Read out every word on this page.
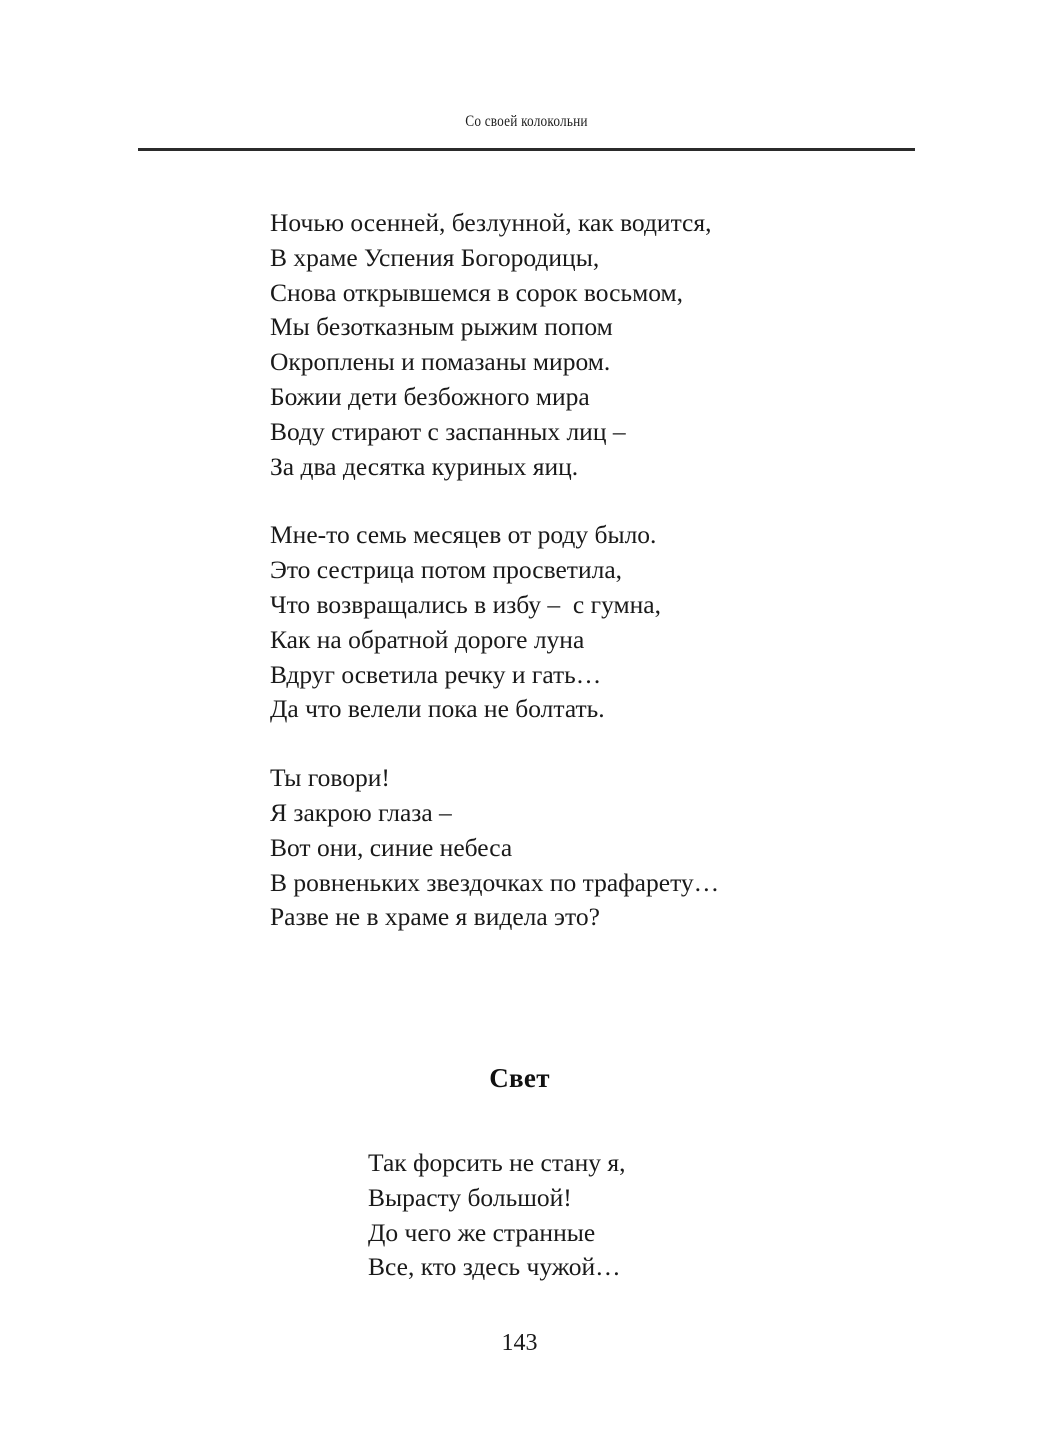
Со своей колокольни
Ночью осенней, безлунной, как водится,
В храме Успения Богородицы,
Снова открывшемся в сорок восьмом,
Мы безотказным рыжим попом
Окроплены и помазаны миром.
Божии дети безбожного мира
Воду стирают с заспанных лиц –
За два десятка куриных яиц.
Мне-то семь месяцев от роду было.
Это сестрица потом просветила,
Что возвращались в избу –  с гумна,
Как на обратной дороге луна
Вдруг осветила речку и гать…
Да что велели пока не болтать.
Ты говори!
Я закрою глаза –
Вот они, синие небеса
В ровненьких звездочках по трафарету…
Разве не в храме я видела это?
Свет
Так форсить не стану я,
Вырасту большой!
До чего же странные
Все, кто здесь чужой…
143
